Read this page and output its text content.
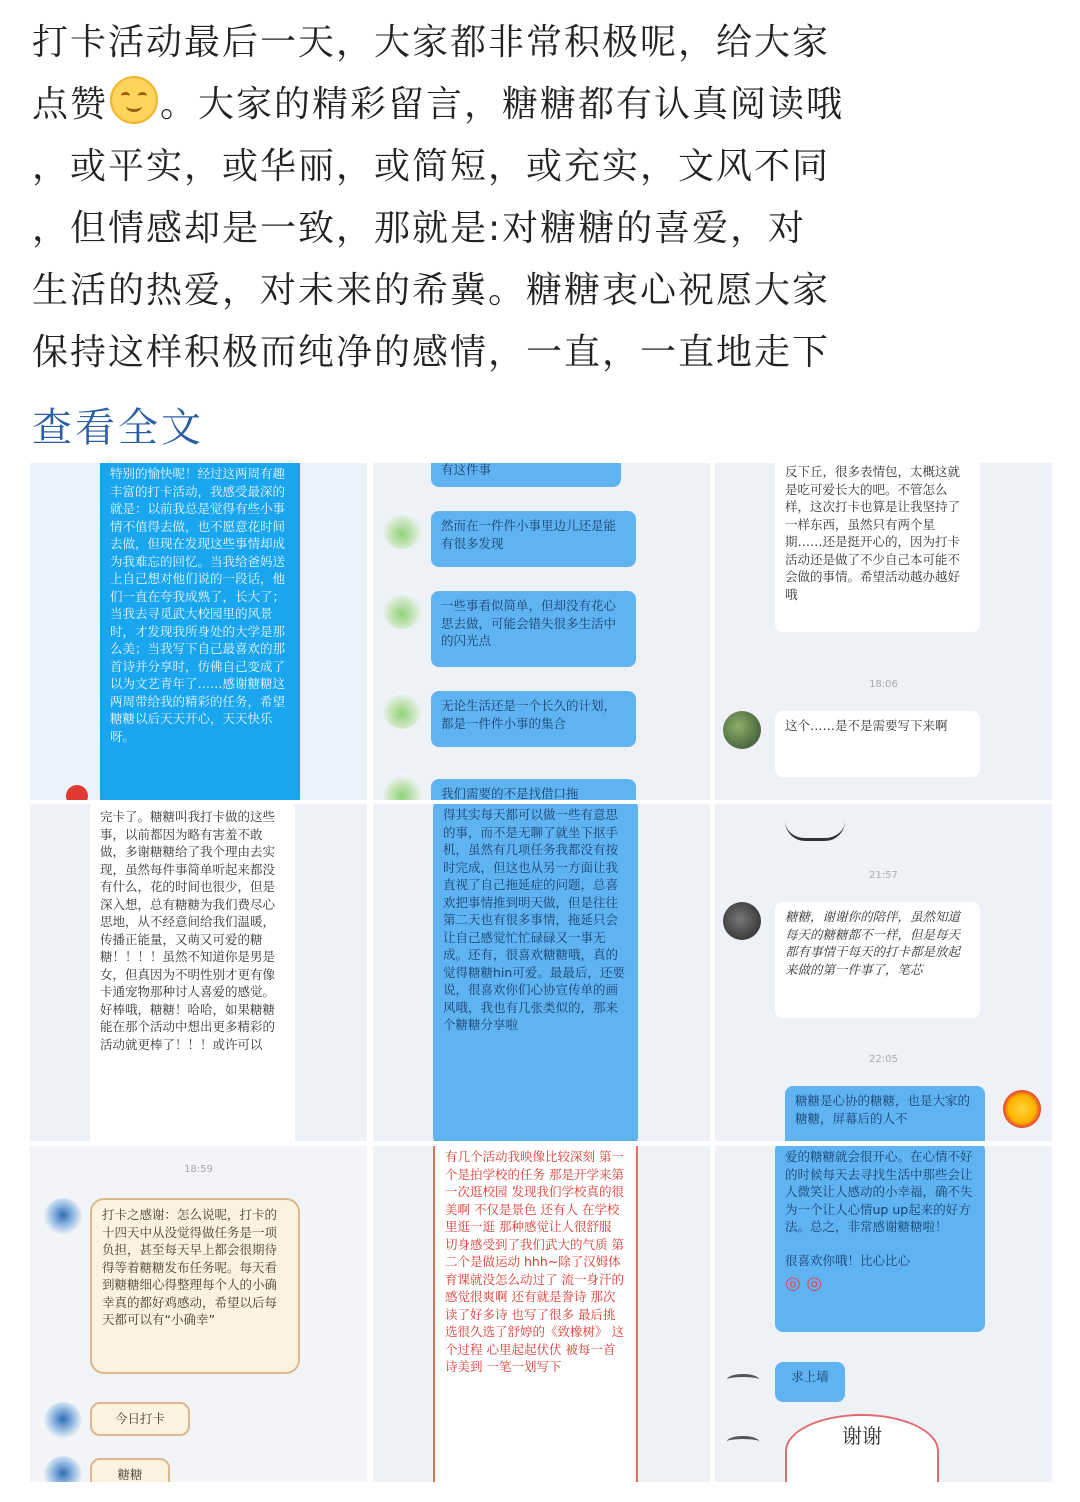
打卡活动最后一天，大家都非常积极呢，给大家
点赞 。大家的精彩留言，糖糖都有认真阅读哦
，或平实，或华丽，或简短，或充实，文风不同
，但情感却是一致，那就是:对糖糖的喜爱，对
生活的热爱，对未来的希冀。糖糖衷心祝愿大家
保持这样积极而纯净的感情，一直，一直地走下
查看全文
特别的愉快呢！经过这两周有趣丰富的打卡活动，我感受最深的就是：以前我总是觉得有些小事情不值得去做，也不愿意花时间去做，但现在发现这些事情却成为我难忘的回忆。当我给爸妈送上自己想对他们说的一段话，他们一直在夸我成熟了，长大了；当我去寻觅武大校园里的风景时，才发现我所身处的大学是那么美；当我写下自己最喜欢的那首诗并分享时，仿佛自己变成了以为文艺青年了……感谢糖糖这两周带给我的精彩的任务，希望糖糖以后天天开心，天天快乐呀。
有这件事
然而在一件件小事里边儿还是能有很多发现
一些事看似简单，但却没有花心思去做，可能会错失很多生活中的闪光点
无论生活还是一个长久的计划，都是一件件小事的集合
我们需要的不是找借口拖
反下丘，很多表情包，太概这就是吃可爱长大的吧。不管怎么样，这次打卡也算是让我坚持了一样东西，虽然只有两个星期……还是挺开心的，因为打卡活动还是做了不少自己本可能不会做的事情。希望活动越办越好哦
18:06
这个……是不是需要写下来啊
完卡了。糖糖叫我打卡做的这些事，以前都因为略有害羞不敢做，多谢糖糖给了我个理由去实现，虽然每件事简单听起来都没有什么，花的时间也很少，但是深入想，总有糖糖为我们费尽心思地，从不经意间给我们温暖，传播正能量，又萌又可爱的糖糖！！！！虽然不知道你是男是女，但真因为不明性别才更有像卡通宠物那种讨人喜爱的感觉。好棒哦，糖糖！哈哈，如果糖糖能在那个活动中想出更多精彩的活动就更棒了！！！或许可以
得其实每天都可以做一些有意思的事，而不是无聊了就坐下抠手机，虽然有几项任务我都没有按时完成，但这也从另一方面让我直视了自己拖延症的问题，总喜欢把事情推到明天做，但是往往第二天也有很多事情，拖延只会让自己感觉忙忙碌碌又一事无成。还有，很喜欢糖糖哦，真的觉得糖糖hin可爱。最最后，还要说，很喜欢你们心协宣传单的画风哦，我也有几张类似的，那来个糖糖分享啦
21:57
糖糖，谢谢你的陪伴，虽然知道每天的糖糖都不一样，但是每天都有事情干每天的打卡都是放起来做的第一件事了，笔芯
22:05
糖糖是心协的糖糖，也是大家的糖糖，屏幕后的人不
18:59
打卡之感谢：怎么说呢，打卡的十四天中从没觉得做任务是一项负担，甚至每天早上都会很期待得等着糖糖发布任务呢。每天看到糖糖细心得整理每个人的小确幸真的都好鸡感动，希望以后每天都可以有“小确幸”
今日打卡
糖糖
有几个活动我映像比较深刻 第一个是拍学校的任务 那是开学来第一次逛校园 发现我们学校真的很美啊 不仅是景色 还有人 在学校里逛一逛 那种感觉让人很舒服 切身感受到了我们武大的气质 第二个是做运动 hhh~除了汉姆体育课就没怎么动过了 流一身汗的感觉很爽啊 还有就是誊诗 那次读了好多诗 也写了很多 最后挑选很久选了舒婷的《致橡树》 这个过程 心里起起伏伏 被每一首诗美到 一笔一划写下
爱的糖糖就会很开心。在心情不好的时候每天去寻找生活中那些会让人微笑让人感动的小幸福，确不失为一个让人心情up up起来的好方法。总之，非常感谢糖糖啦！
很喜欢你哦！比心比心
◎ ◎
求上墙
谢谢
